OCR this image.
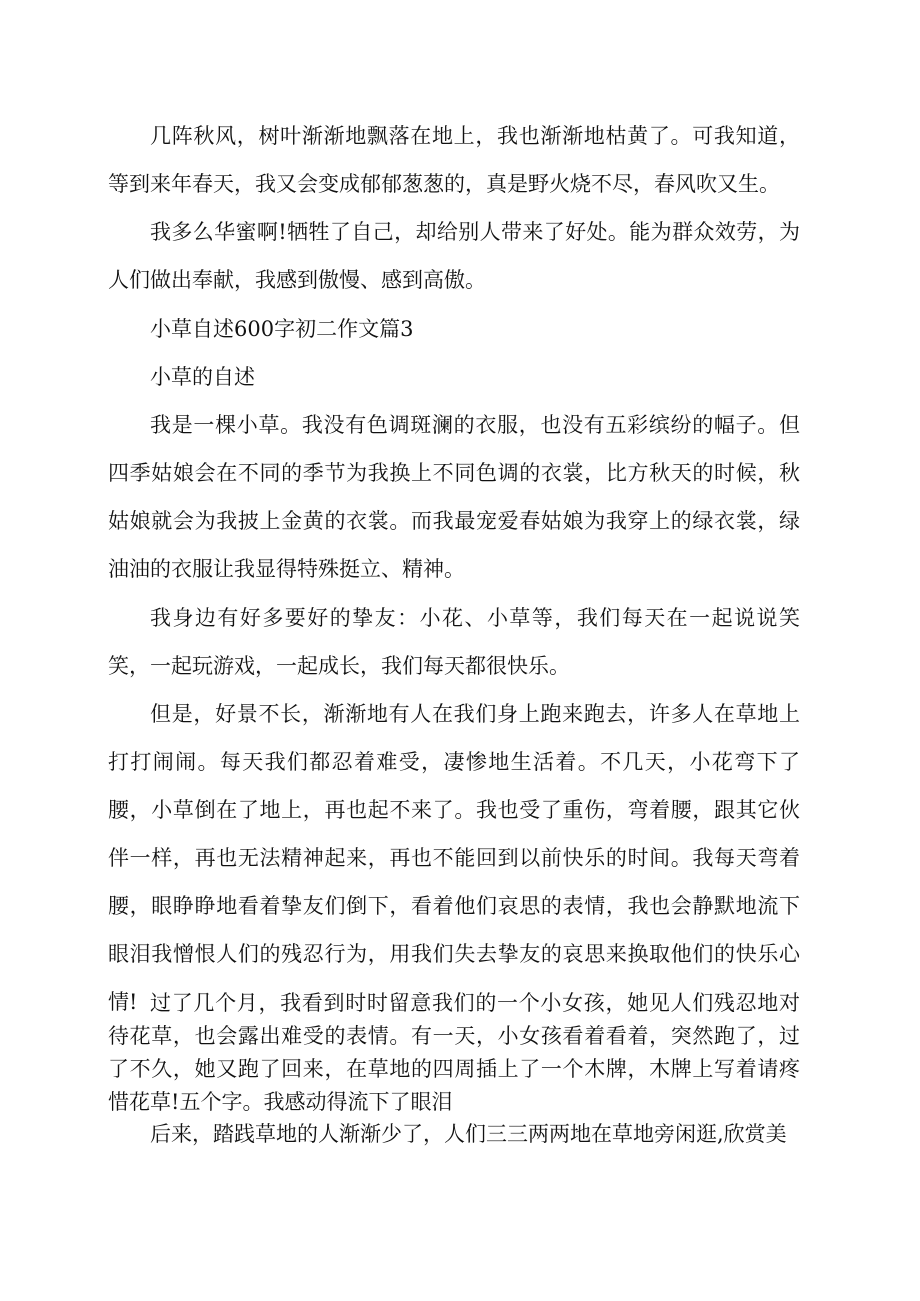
几阵秋风，树叶渐渐地飘落在地上，我也渐渐地枯黄了。可我知道，等到来年春天，我又会变成郁郁葱葱的，真是野火烧不尽，春风吹又生。

我多么华蜜啊!牺牲了自己，却给别人带来了好处。能为群众效劳，为人们做出奉献，我感到傲慢、感到高傲。

小草自述600字初二作文篇3

小草的自述

我是一棵小草。我没有色调斑澜的衣服，也没有五彩缤纷的幅子。但四季姑娘会在不同的季节为我换上不同色调的衣裳，比方秋天的时候，秋姑娘就会为我披上金黄的衣裳。而我最宠爱春姑娘为我穿上的绿衣裳，绿油油的衣服让我显得特殊挺立、精神。

我身边有好多要好的挚友：小花、小草等，我们每天在一起说说笑笑，一起玩游戏，一起成长，我们每天都很快乐。

但是，好景不长，渐渐地有人在我们身上跑来跑去，许多人在草地上打打闹闹。每天我们都忍着难受，凄惨地生活着。不几天，小花弯下了腰，小草倒在了地上，再也起不来了。我也受了重伤，弯着腰，跟其它伙伴一样，再也无法精神起来，再也不能回到以前快乐的时间。我每天弯着腰，眼睁睁地看着挚友们倒下，看着他们哀思的表情，我也会静默地流下眼泪我憎恨人们的残忍行为，用我们失去挚友的哀思来换取他们的快乐心情! 过了几个月，我看到时时留意我们的一个小女孩，她见人们残忍地对待花草，也会露出难受的表情。有一天，小女孩看着看着，突然跑了，过了不久，她又跑了回来，在草地的四周插上了一个木牌，木牌上写着请疼惜花草!五个字。我感动得流下了眼泪

后来，踏践草地的人渐渐少了，人们三三两两地在草地旁闲逛,欣赏美
